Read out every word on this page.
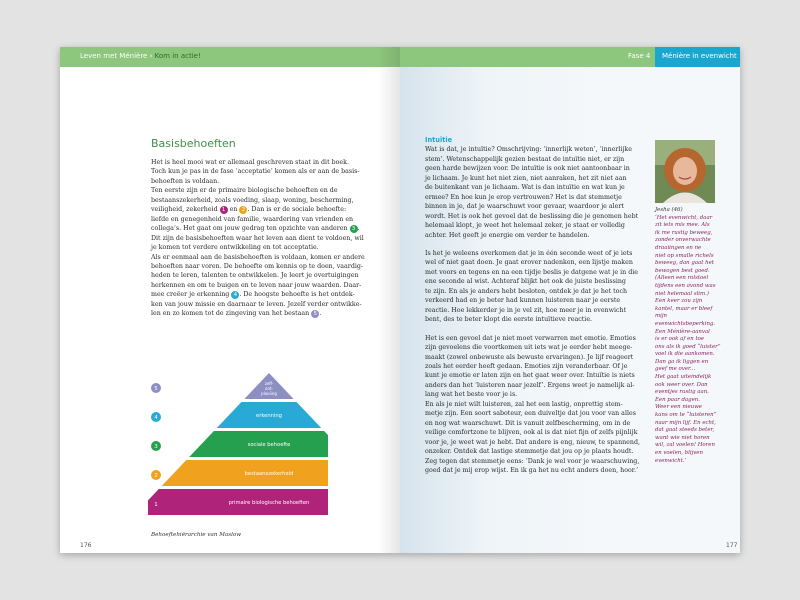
Leven met Ménière › Kom in actie!
Basisbehoeften
Het is heel mooi wat er allemaal geschreven staat in dit boek.
Toch kun je pas in de fase ‘acceptatie’ komen als er aan de basis-
behoeften is voldaan.
Ten eerste zijn er de primaire biologische behoeften en de
bestaanszekerheid, zoals voeding, slaap, woning, bescherming,
veiligheid, zekerheid 1 en 2 . Dan is er de sociale behoefte:
liefde en genegenheid van familie, waardering van vrienden en
collega’s. Het gaat om jouw gedrag ten opzichte van anderen 3 .
Dit zijn de basisbehoeften waar het leven aan dient te voldoen, wil
je komen tot verdere ontwikkeling en tot acceptatie.
Als er eenmaal aan de basisbehoeften is voldaan, komen er andere
behoeften naar voren. De behoefte om kennis op te doen, vaardig-
heden te leren, talenten te ontwikkelen. Je leert je overtuigingen
herkennen en om te buigen en te leven naar jouw waarden. Daar-
mee creëer je erkenning 4 . De hoogste behoefte is het ontdek-
ken van jouw missie en daarnaar te leven. Jezelf verder ontwikke-
len en zo komen tot de zingeving van het bestaan 5 .
5
zelf-
ont-
plooiing
4	erkenning
3	sociale behoefte
2	bestaanszekerheid
1	primaire biologische behoeften
Behoeftehiërarchie van Maslow
176
Fase 4 Ménière in evenwicht
Intuïtie
Wat is dat, je intuïtie? Omschrijving: ‘innerlijk weten’, ‘innerlijke
stem’. Wetenschappelijk gezien bestaat de intuïtie niet, er zijn
geen harde bewijzen voor. De intuïtie is ook niet aantoonbaar in
je lichaam. Je kunt het niet zien, niet aanraken, het zit niet aan
de buitenkant van je lichaam. Wat is dan intuïtie en wat kun je
ermee? En hoe kun je erop vertrouwen? Het is dat stemmetje
binnen in je, dat je waarschuwt voor gevaar, waardoor je alert
wordt. Het is ook het gevoel dat de beslissing die je genomen hebt
helemaal klopt, je weet het helemaal zeker, je staat er volledig
achter. Het geeft je energie om verder te handelen.
Is het je weleens overkomen dat je in één seconde weet of je iets
wel of niet gaat doen. Je gaat erover nadenken, een lijstje maken
met voors en tegens en na een tijdje beslis je datgene wat je in die
ene seconde al wist. Achteraf blijkt het ook de juiste beslissing
te zijn. En als je anders hebt besloten, ontdek je dat je het toch
verkeerd had en je beter had kunnen luisteren naar je eerste
reactie. Hoe lekkerder je in je vel zit, hoe meer je in evenwicht
bent, des te beter klopt die eerste intuïtieve reactie.
Het is een gevoel dat je niet moet verwarren met emotie. Emoties
zijn gevoelens die voortkomen uit iets wat je eerder hebt meege-
maakt (zowel onbewuste als bewuste ervaringen). Je lijf reageert
zoals het eerder heeft gedaan. Emoties zijn veranderbaar. Of je
kunt je emotie er laten zijn en het gaat weer over. Intuïtie is niets
anders dan het ‘luisteren naar jezelf’. Ergens weet je namelijk al-
lang wat het beste voor je is.
En als je niet wilt luisteren, zal het een lastig, onprettig stem-
metje zijn. Een soort saboteur, een duiveltje dat jou voor van alles
en nog wat waarschuwt. Dit is vanuit zelfbescherming, om in de
veilige comfortzone te blijven, ook al is dat niet fijn of zelfs pijnlijk
voor je, je weet wat je hebt. Dat andere is eng, nieuw, te spannend,
onzeker. Ontdek dat lastige stemmetje dat jou op je plaats houdt.
Zeg tegen dat stemmetje eens: ‘Dank je wel voor je waarschuwing,
goed dat je mij erop wijst. En ik ga het nu echt anders doen, hoor.’
Jesha (46)
‘Het evenwicht, daar
zit iets mis mee. Als
ik me rustig beweeg,
zonder onverwachte
draaiingen en ne
niet op smalle richels
beweeg, dan gaat het
bewogen best goed.
(Alleen een rolstoel
tijdens een avond was
niet helemaal slim.)
Een keer zou zijn
kantel, maar er bleef
mijn evenwichtsbeperking.
Een Ménière-aanval
is er ook af en toe
ons als ik goed “luister”
voel ik die aankomen.
Dan ga ik liggen en
geef me over...
Het gaat uiteindelijk
ook weer over. Dan
eventjes rustig aan.
Een paar dagen.
Weer een nieuwe
kans om te “luisteren”
naar mijn lijf. En echt,
dat gaat steeds beter,
want wie niet horen
wil, zal voelen! Horen
en voelen, blijven
evenwicht.’
177
